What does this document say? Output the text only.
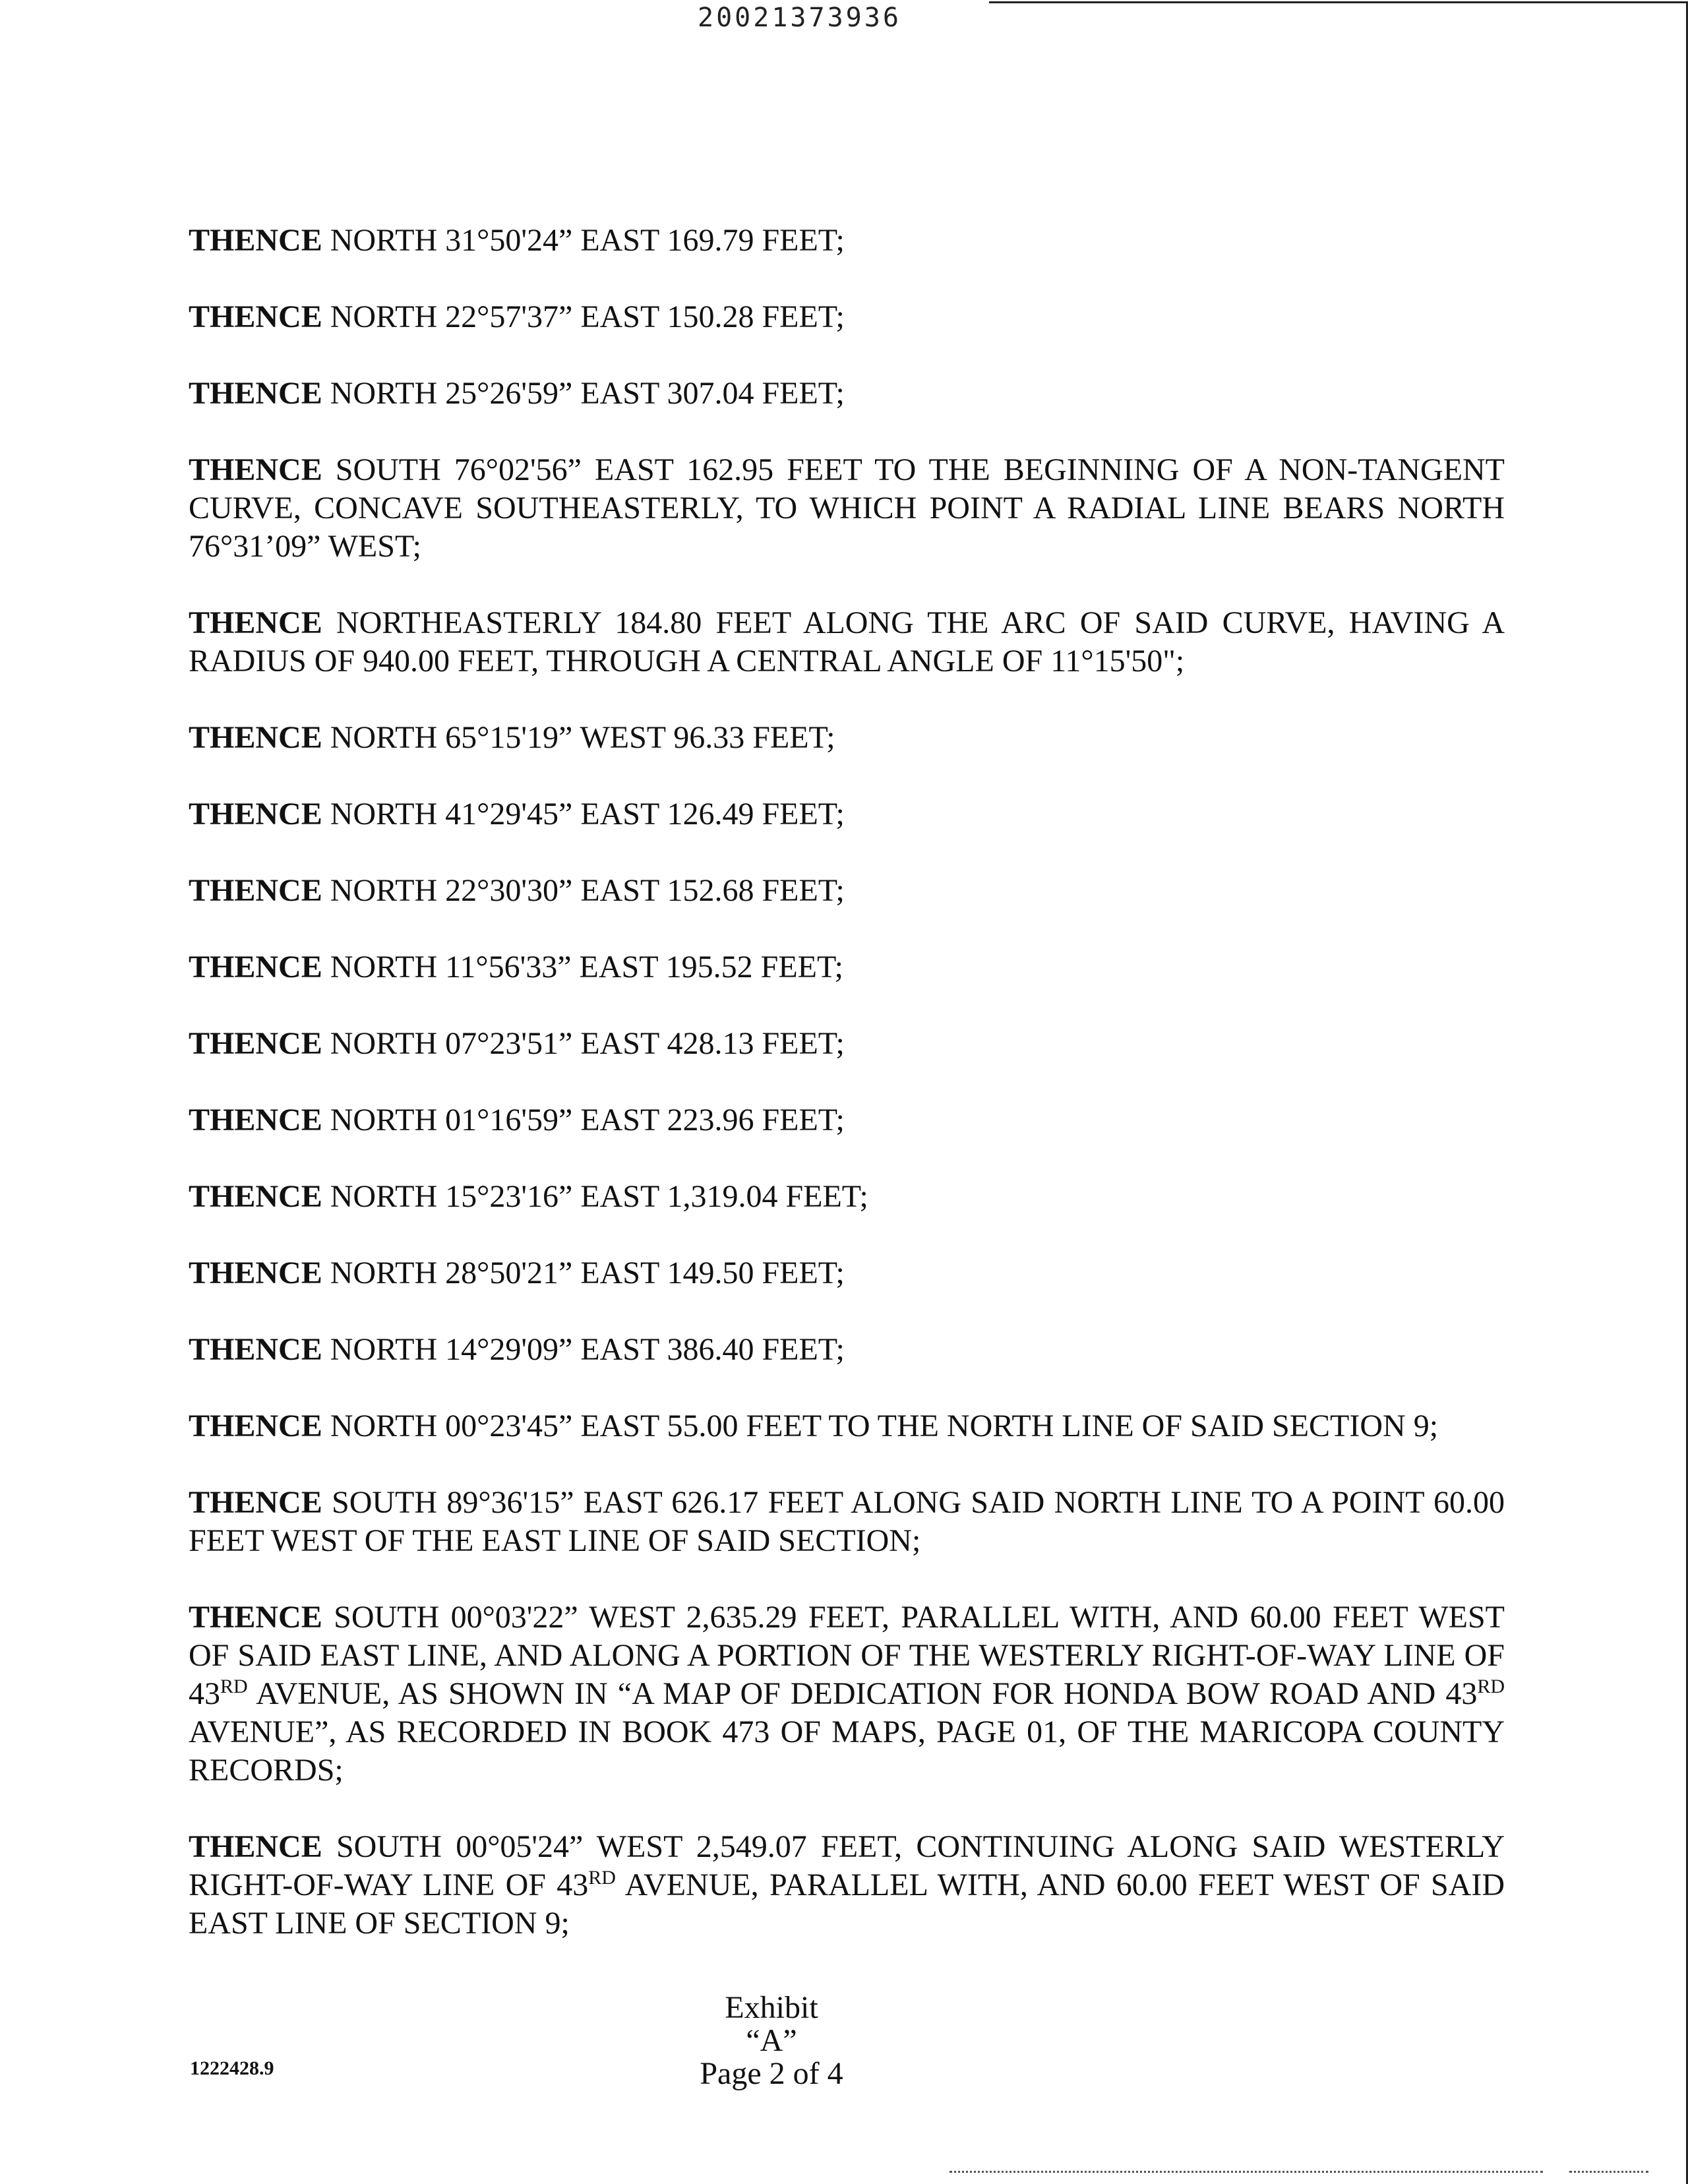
20021373936

THENCE NORTH 31°50'24” EAST 169.79 FEET;

THENCE NORTH 22°57'37” EAST 150.28 FEET;

THENCE NORTH 25°26'59” EAST 307.04 FEET;

THENCE SOUTH 76°02'56” EAST 162.95 FEET TO THE BEGINNING OF A NON-TANGENT CURVE, CONCAVE SOUTHEASTERLY, TO WHICH POINT A RADIAL LINE BEARS NORTH 76°31’09” WEST;

THENCE NORTHEASTERLY 184.80 FEET ALONG THE ARC OF SAID CURVE, HAVING A RADIUS OF 940.00 FEET, THROUGH A CENTRAL ANGLE OF 11°15'50";

THENCE NORTH 65°15'19” WEST 96.33 FEET;

THENCE NORTH 41°29'45” EAST 126.49 FEET;

THENCE NORTH 22°30'30” EAST 152.68 FEET;

THENCE NORTH 11°56'33” EAST 195.52 FEET;

THENCE NORTH 07°23'51” EAST 428.13 FEET;

THENCE NORTH 01°16'59” EAST 223.96 FEET;

THENCE NORTH 15°23'16” EAST 1,319.04 FEET;

THENCE NORTH 28°50'21” EAST 149.50 FEET;

THENCE NORTH 14°29'09” EAST 386.40 FEET;

THENCE NORTH 00°23'45” EAST 55.00 FEET TO THE NORTH LINE OF SAID SECTION 9;

THENCE SOUTH 89°36'15” EAST 626.17 FEET ALONG SAID NORTH LINE TO A POINT 60.00 FEET WEST OF THE EAST LINE OF SAID SECTION;

THENCE SOUTH 00°03'22” WEST 2,635.29 FEET, PARALLEL WITH, AND 60.00 FEET WEST OF SAID EAST LINE, AND ALONG A PORTION OF THE WESTERLY RIGHT-OF-WAY LINE OF 43RD AVENUE, AS SHOWN IN “A MAP OF DEDICATION FOR HONDA BOW ROAD AND 43RD AVENUE”, AS RECORDED IN BOOK 473 OF MAPS, PAGE 01, OF THE MARICOPA COUNTY RECORDS;

THENCE SOUTH 00°05'24” WEST 2,549.07 FEET, CONTINUING ALONG SAID WESTERLY RIGHT-OF-WAY LINE OF 43RD AVENUE, PARALLEL WITH, AND 60.00 FEET WEST OF SAID EAST LINE OF SECTION 9;

Exhibit “A”
Page 2 of 4
1222428.9
